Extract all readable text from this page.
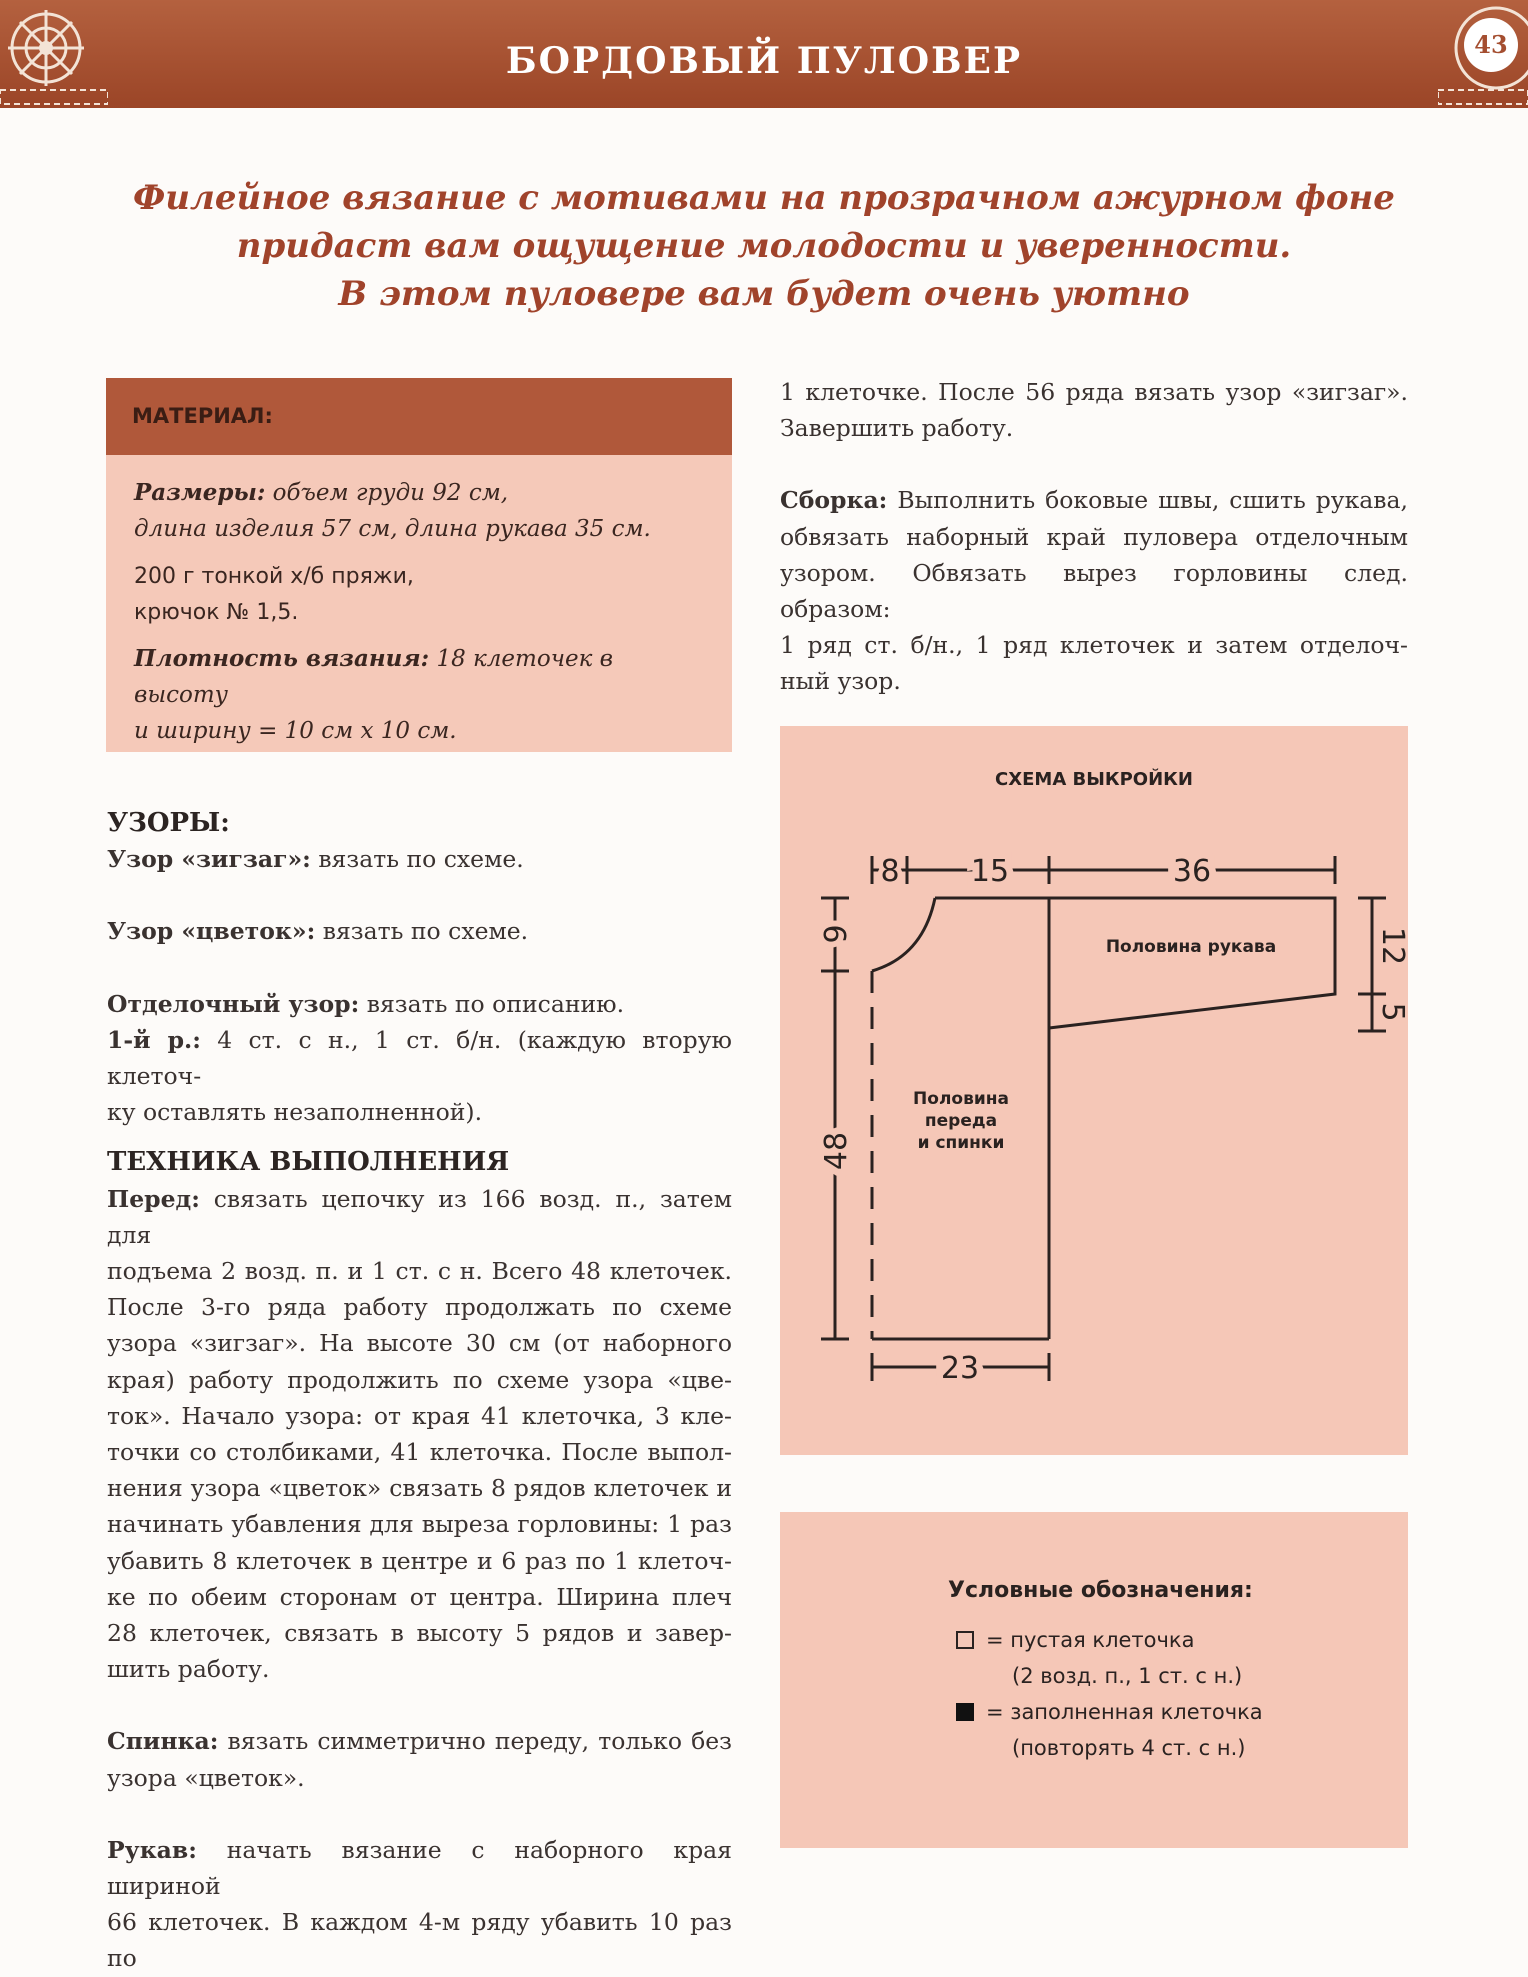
БОРДОВЫЙ ПУЛОВЕР	43
Филейное вязание с мотивами на прозрачном ажурном фоне
придаст вам ощущение молодости и уверенности.
В этом пуловере вам будет очень уютно
МАТЕРИАЛ:
Размеры: объем груди 92 см,
длина изделия 57 см, длина рукава 35 см.
200 г тонкой х/б пряжи,
крючок № 1,5.
Плотность вязания: 18 клеточек в высоту
и ширину = 10 см х 10 см.

УЗОРЫ:

Узор «зигзаг»: вязать по схеме.

Узор «цветок»: вязать по схеме.

Отделочный узор: вязать по описанию.

1-й р.: 4 ст. с н., 1 ст. б/н. (каждую вторую клеточ-

ку оставлять незаполненной).

ТЕХНИКА ВЫПОЛНЕНИЯ

Перед: связать цепочку из 166 возд. п., затем для

подъема 2 возд. п. и 1 ст. с н. Всего 48 клеточек.

После 3-го ряда работу продолжать по схеме

узора «зигзаг». На высоте 30 см (от наборного

края) работу продолжить по схеме узора «цве-

ток». Начало узора: от края 41 клеточка, 3 кле-

точки со столбиками, 41 клеточка. После выпол-

нения узора «цветок» связать 8 рядов клеточек и

начинать убавления для выреза горловины: 1 раз

убавить 8 клеточек в центре и 6 раз по 1 клеточ-

ке по обеим сторонам от центра. Ширина плеч

28 клеточек, связать в высоту 5 рядов и завер-

шить работу.

Спинка: вязать симметрично переду, только без

узора «цветок».

Рукав: начать вязание с наборного края шириной

66 клеточек. В каждом 4-м ряду убавить 10 раз по

1 клеточке. После 56 ряда вязать узор «зигзаг».

Завершить работу.

Сборка: Выполнить боковые швы, сшить рукава,

обвязать наборный край пуловера отделочным

узором. Обвязать вырез горловины след. образом:

1 ряд ст. б/н., 1 ряд клеточек и затем отделоч-

ный узор.

СХЕМА ВЫКРОЙКИ
8 15	36
23
9
48
12
5
Половина рукава
Половина
переда
и спинки
Условные обозначения:
= пустая клеточка
(2 возд. п., 1 ст. с н.)
= заполненная клеточка
(повторять 4 ст. с н.)
